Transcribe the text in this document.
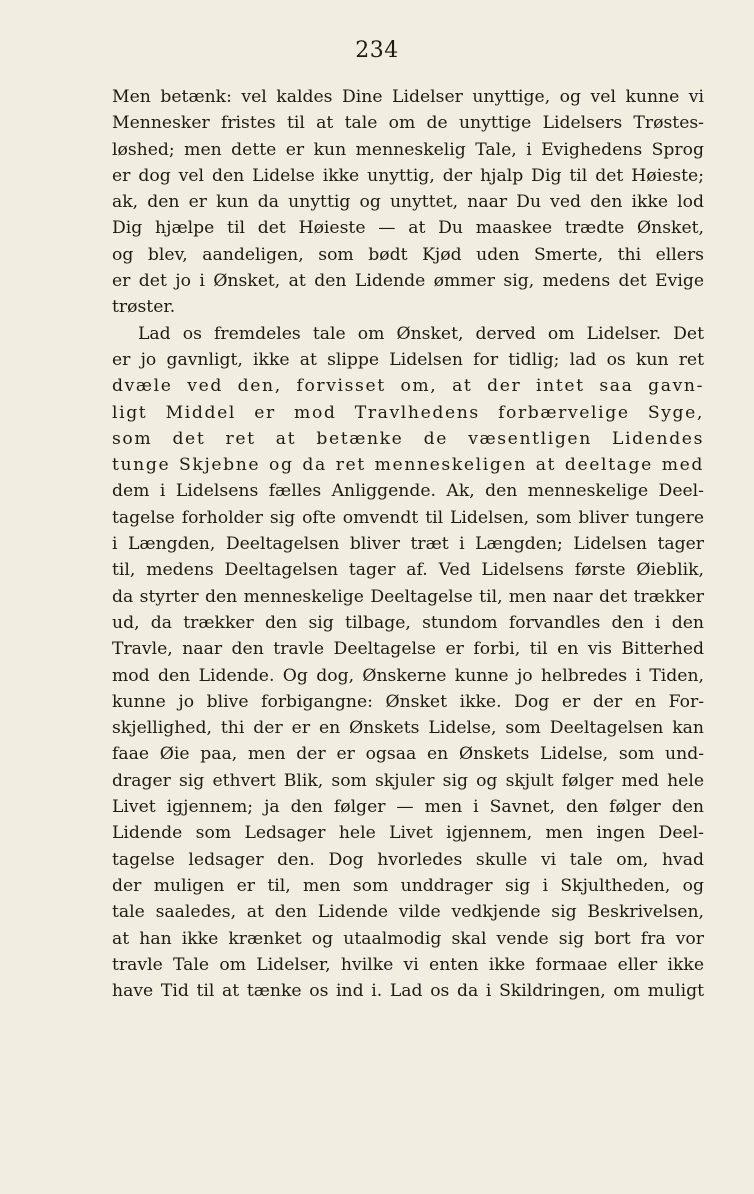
234
Men betænk: vel kaldes Dine Lidelser unyttige, og vel kunne vi
Mennesker fristes til at tale om de unyttige Lidelsers Trøstes-
løshed; men dette er kun menneskelig Tale, i Evighedens Sprog
er dog vel den Lidelse ikke unyttig, der hjalp Dig til det Høieste;
ak, den er kun da unyttig og unyttet, naar Du ved den ikke lod
Dig hjælpe til det Høieste — at Du maaskee trædte Ønsket,
og blev, aandeligen, som bødt Kjød uden Smerte, thi ellers
er det jo i Ønsket, at den Lidende ømmer sig, medens det Evige
trøster.
Lad os fremdeles tale om Ønsket, derved om Lidelser. Det
er jo gavnligt, ikke at slippe Lidelsen for tidlig; lad os kun ret
dvæle ved den, forvisset om, at der intet saa gavn-
ligt Middel er mod Travlhedens forbærvelige Syge,
som det ret at betænke de væsentligen Lidendes
tunge Skjebne og da ret menneskeligen at deeltage med
dem i Lidelsens fælles Anliggende. Ak, den menneskelige Deel-
tagelse forholder sig ofte omvendt til Lidelsen, som bliver tungere
i Længden, Deeltagelsen bliver træt i Længden; Lidelsen tager
til, medens Deeltagelsen tager af. Ved Lidelsens første Øieblik,
da styrter den menneskelige Deeltagelse til, men naar det trækker
ud, da trækker den sig tilbage, stundom forvandles den i den
Travle, naar den travle Deeltagelse er forbi, til en vis Bitterhed
mod den Lidende. Og dog, Ønskerne kunne jo helbredes i Tiden,
kunne jo blive forbigangne: Ønsket ikke. Dog er der en For-
skjellighed, thi der er en Ønskets Lidelse, som Deeltagelsen kan
faae Øie paa, men der er ogsaa en Ønskets Lidelse, som und-
drager sig ethvert Blik, som skjuler sig og skjult følger med hele
Livet igjennem; ja den følger — men i Savnet, den følger den
Lidende som Ledsager hele Livet igjennem, men ingen Deel-
tagelse ledsager den. Dog hvorledes skulle vi tale om, hvad
der muligen er til, men som unddrager sig i Skjultheden, og
tale saaledes, at den Lidende vilde vedkjende sig Beskrivelsen,
at han ikke krænket og utaalmodig skal vende sig bort fra vor
travle Tale om Lidelser, hvilke vi enten ikke formaae eller ikke
have Tid til at tænke os ind i. Lad os da i Skildringen, om muligt
